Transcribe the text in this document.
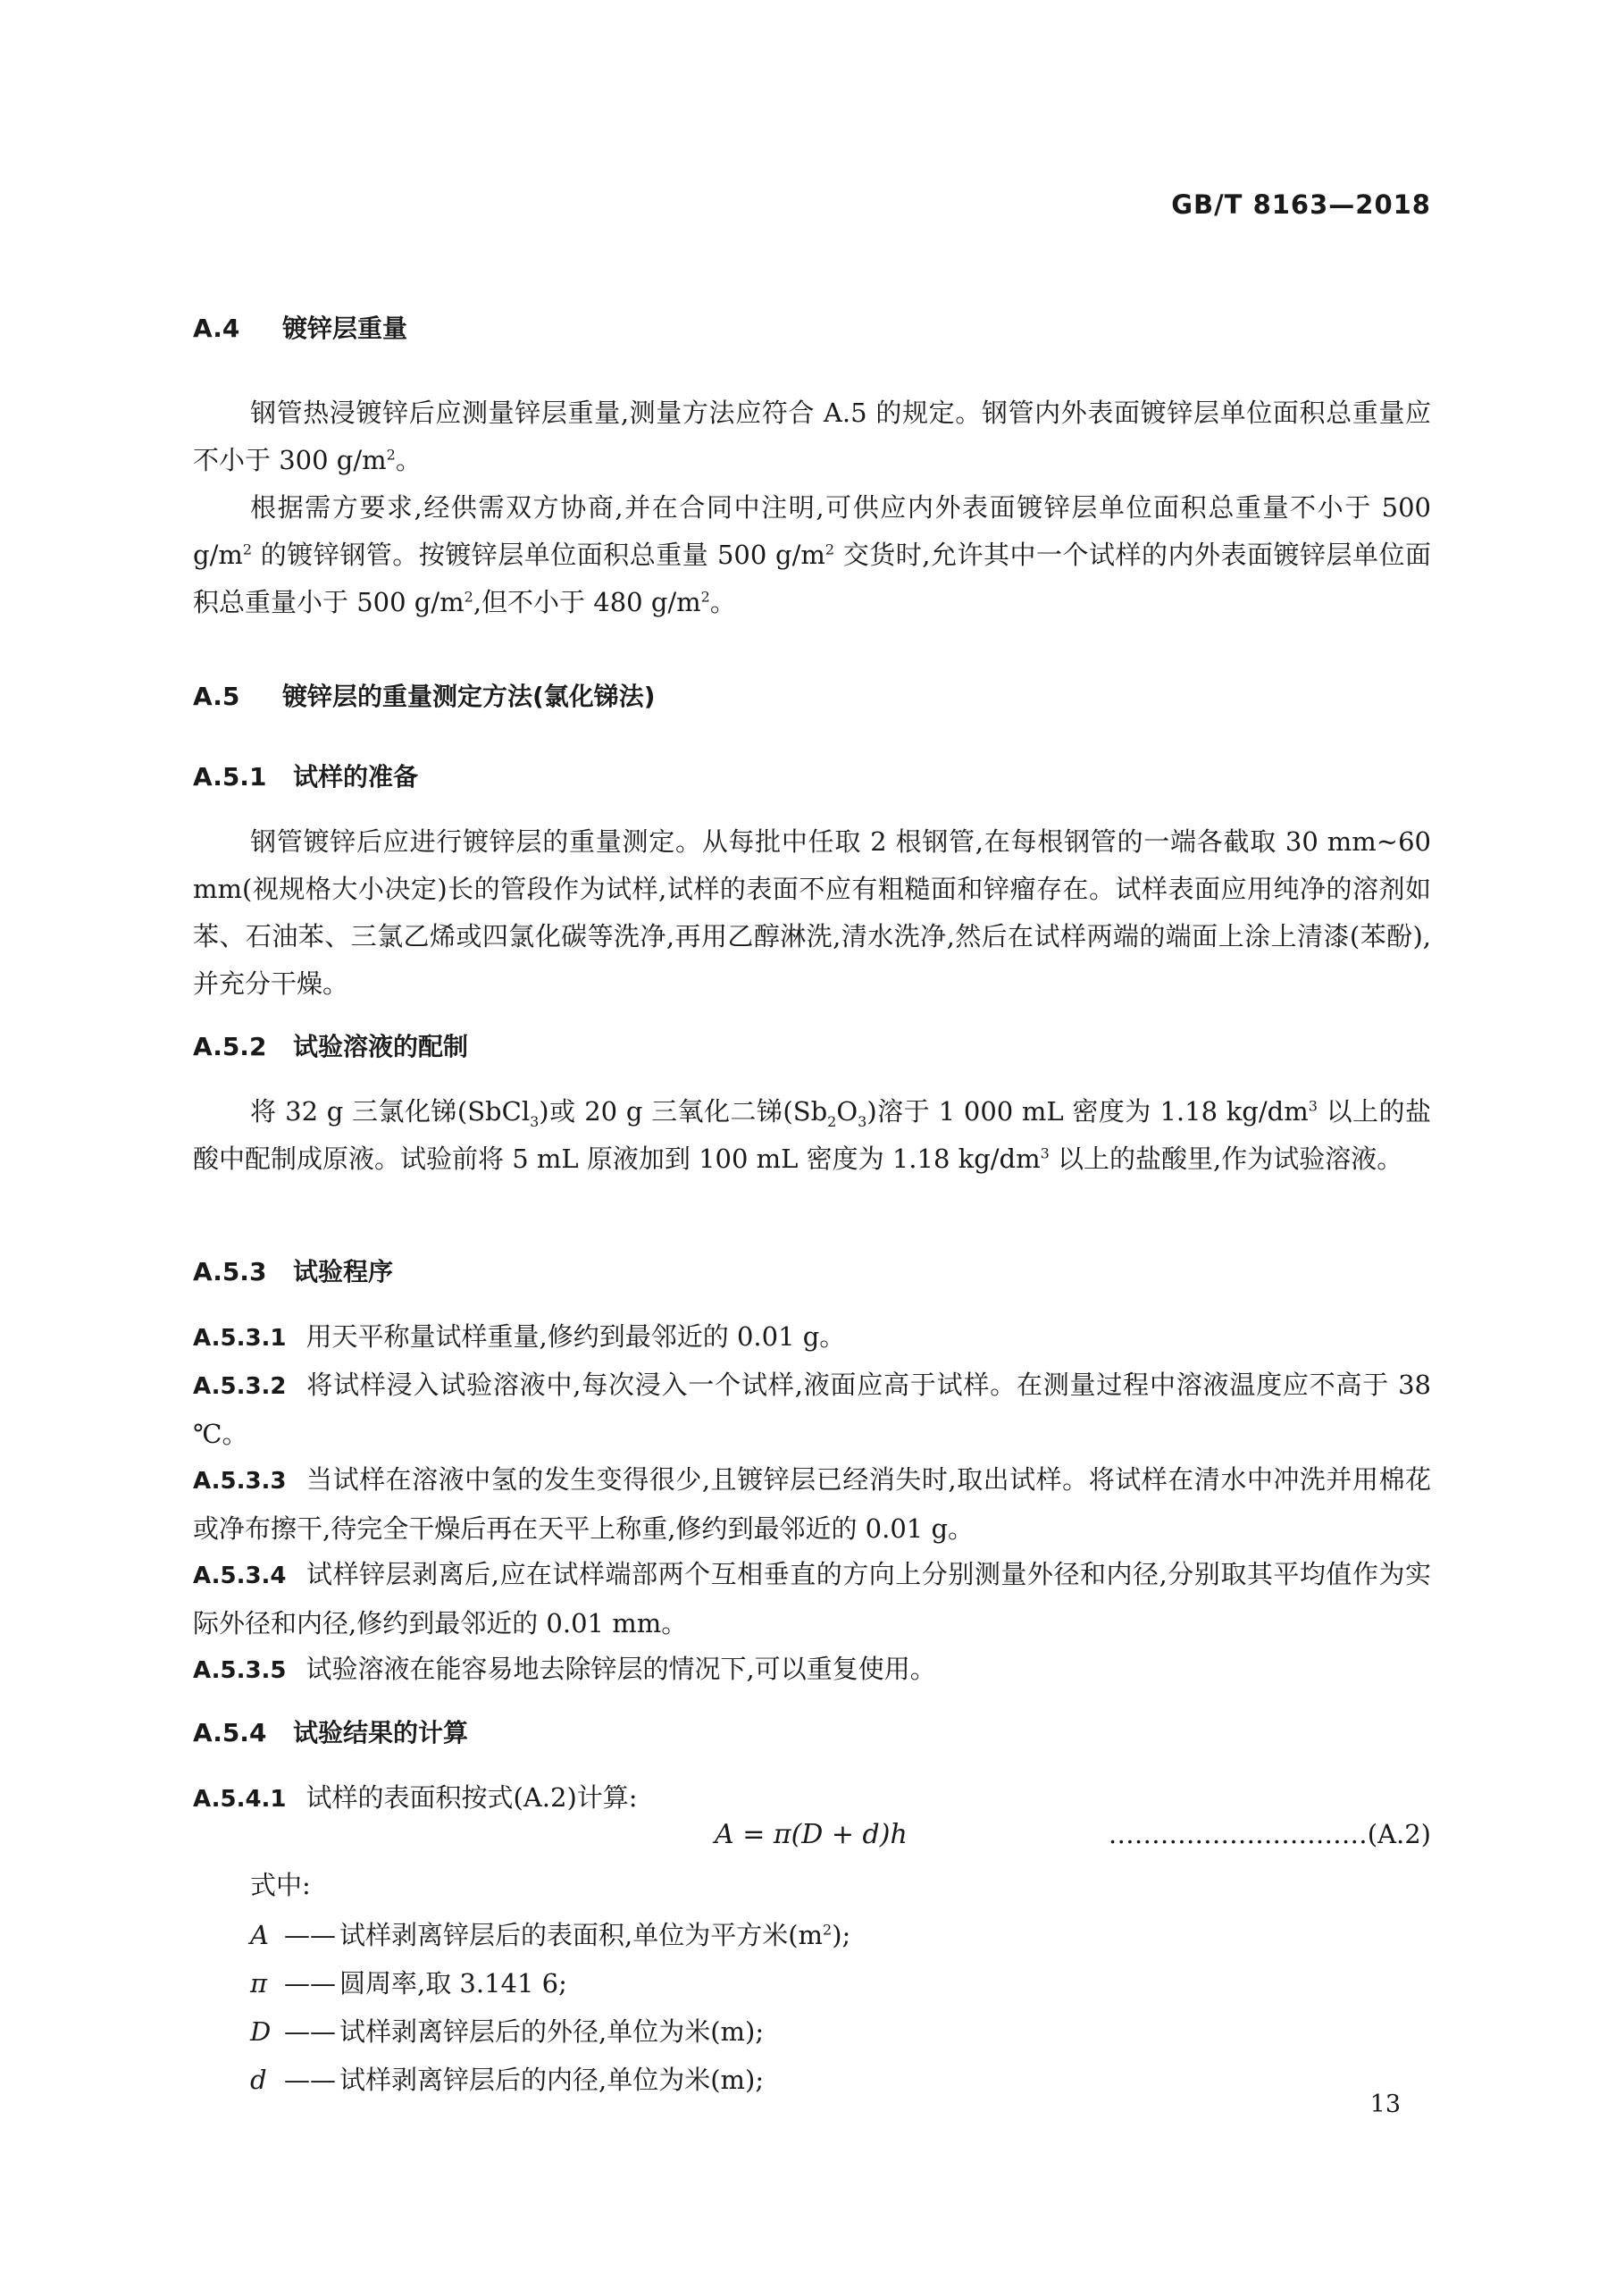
GB/T 8163—2018
A.4 镀锌层重量
钢管热浸镀锌后应测量锌层重量,测量方法应符合 A.5 的规定。钢管内外表面镀锌层单位面积总重量应不小于 300 $g/m^2$。
根据需方要求,经供需双方协商,并在合同中注明,可供应内外表面镀锌层单位面积总重量不小于 500 $g/m^2$ 的镀锌钢管。按镀锌层单位面积总重量 500 $g/m^2$ 交货时,允许其中一个试样的内外表面镀锌层单位面积总重量小于 500 $g/m^2$,但不小于 480 $g/m^2$。
A.5 镀锌层的重量测定方法(氯化锑法)
A.5.1 试样的准备
钢管镀锌后应进行镀锌层的重量测定。从每批中任取 2 根钢管,在每根钢管的一端各截取 30 mm~60 mm(视规格大小决定)长的管段作为试样,试样的表面不应有粗糙面和锌瘤存在。试样表面应用纯净的溶剂如苯、石油苯、三氯乙烯或四氯化碳等洗净,再用乙醇淋洗,清水洗净,然后在试样两端的端面上涂上清漆(苯酚),并充分干燥。
A.5.2 试验溶液的配制
将 32 g 三氯化锑(SbCl$_3$)或 20 g 三氧化二锑$(Sb_2O_3)$溶于 1 000 mL 密度为 1.18 $kg/dm^3$ 以上的盐酸中配制成原液。试验前将 5 mL 原液加到 100 mL 密度为 1.18 $kg/dm^3$ 以上的盐酸里,作为试验溶液。
A.5.3 试验程序
A.5.3.1 用天平称量试样重量,修约到最邻近的 0.01 g。
A.5.3.2 将试样浸入试验溶液中,每次浸入一个试样,液面应高于试样。在测量过程中溶液温度应不高于 38 ℃。
A.5.3.3 当试样在溶液中氢的发生变得很少,且镀锌层已经消失时,取出试样。将试样在清水中冲洗并用棉花或净布擦干,待完全干燥后再在天平上称重,修约到最邻近的 0.01 g。
A.5.3.4 试样锌层剥离后,应在试样端部两个互相垂直的方向上分别测量外径和内径,分别取其平均值作为实际外径和内径,修约到最邻近的 0.01 mm。
A.5.3.5 试验溶液在能容易地去除锌层的情况下,可以重复使用。
A.5.4 试验结果的计算
A.5.4.1 试样的表面积按式(A.2)计算:
A = π(D + d)h	…………………………(A.2)
式中:
A —— 试样剥离锌层后的表面积,单位为平方米$(m^2)$;
π —— 圆周率,取 3.141 6;
D —— 试样剥离锌层后的外径,单位为米(m);
d —— 试样剥离锌层后的内径,单位为米(m);
13
